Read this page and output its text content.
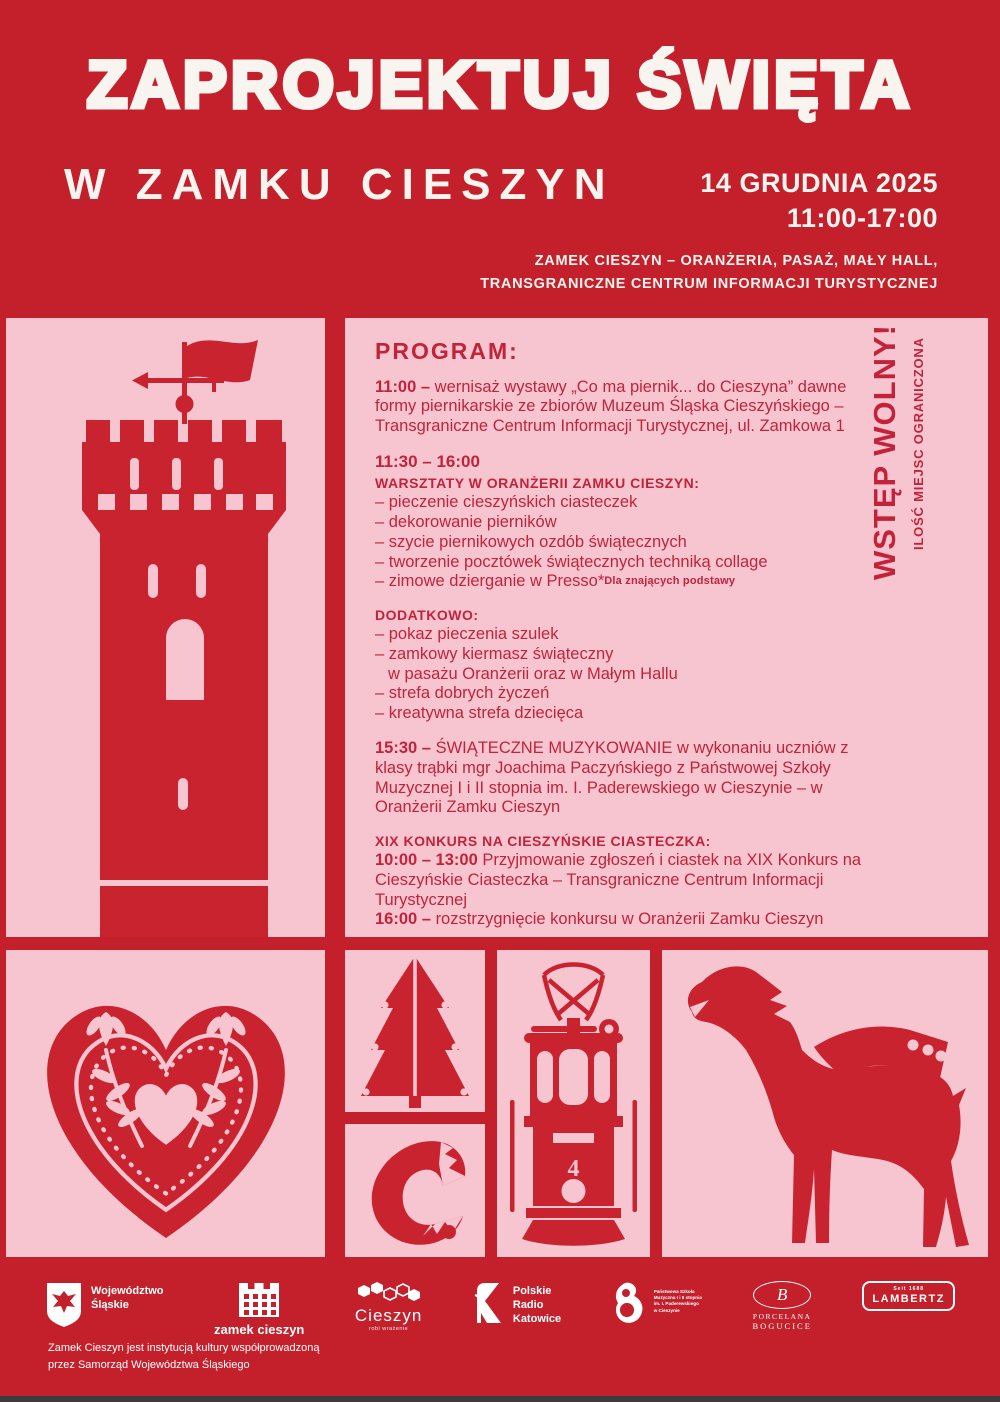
ZAPROJEKTUJ ŚWIĘTA
W ZAMKU CIESZYN	14 GRUDNIA 2025
11:00-17:00
ZAMEK CIESZYN – ORANŻERIA, PASAŻ, MAŁY HALL,
TRANSGRANICZNE CENTRUM INFORMACJI TURYSTYCZNEJ
PROGRAM:
11:00 – wernisaż wystawy „Co ma piernik... do Cieszyna” dawne formy piernikarskie ze zbiorów Muzeum Śląska Cieszyńskiego – Transgraniczne Centrum Informacji Turystycznej, ul. Zamkowa 1
11:30 – 16:00
WARSZTATY W ORANŻERII ZAMKU CIESZYN:
– pieczenie cieszyńskich ciasteczek
– dekorowanie pierników
– szycie piernikowych ozdób świątecznych
– tworzenie pocztówek świątecznych techniką collage
– zimowe dzierganie w Presso*Dla znających podstawy
DODATKOWO:
– pokaz pieczenia szulek
– zamkowy kiermasz świąteczny
w pasażu Oranżerii oraz w Małym Hallu
– strefa dobrych życzeń
– kreatywna strefa dziecięca
15:30 – ŚWIĄTECZNE MUZYKOWANIE w wykonaniu uczniów z klasy trąbki mgr Joachima Paczyńskiego z Państwowej Szkoły Muzycznej I i II stopnia im. I. Paderewskiego w Cieszynie – w Oranżerii Zamku Cieszyn
XIX KONKURS NA CIESZYŃSKIE CIASTECZKA:
10:00 – 13:00 Przyjmowanie zgłoszeń i ciastek na XIX Konkurs na Cieszyńskie Ciasteczka – Transgraniczne Centrum Informacji Turystycznej
16:00 – rozstrzygnięcie konkursu w Oranżerii Zamku Cieszyn
WSTĘP WOLNY! ILOŚĆ MIEJSC OGRANICZONA
4
Województwo
Śląskie
zamek cieszyn
Cieszyn
robi wrażenie
Polskie
Radio
Katowice
Państwowa Szkoła
Muzyczna I i II stopnia
im. I. Paderewskiego
w Cieszynie
B
PORCELANA
BOGUCICE
Seit 1688
LAMBERTZ
Zamek Cieszyn jest instytucją kultury współprowadzoną
przez Samorząd Województwa Śląskiego
